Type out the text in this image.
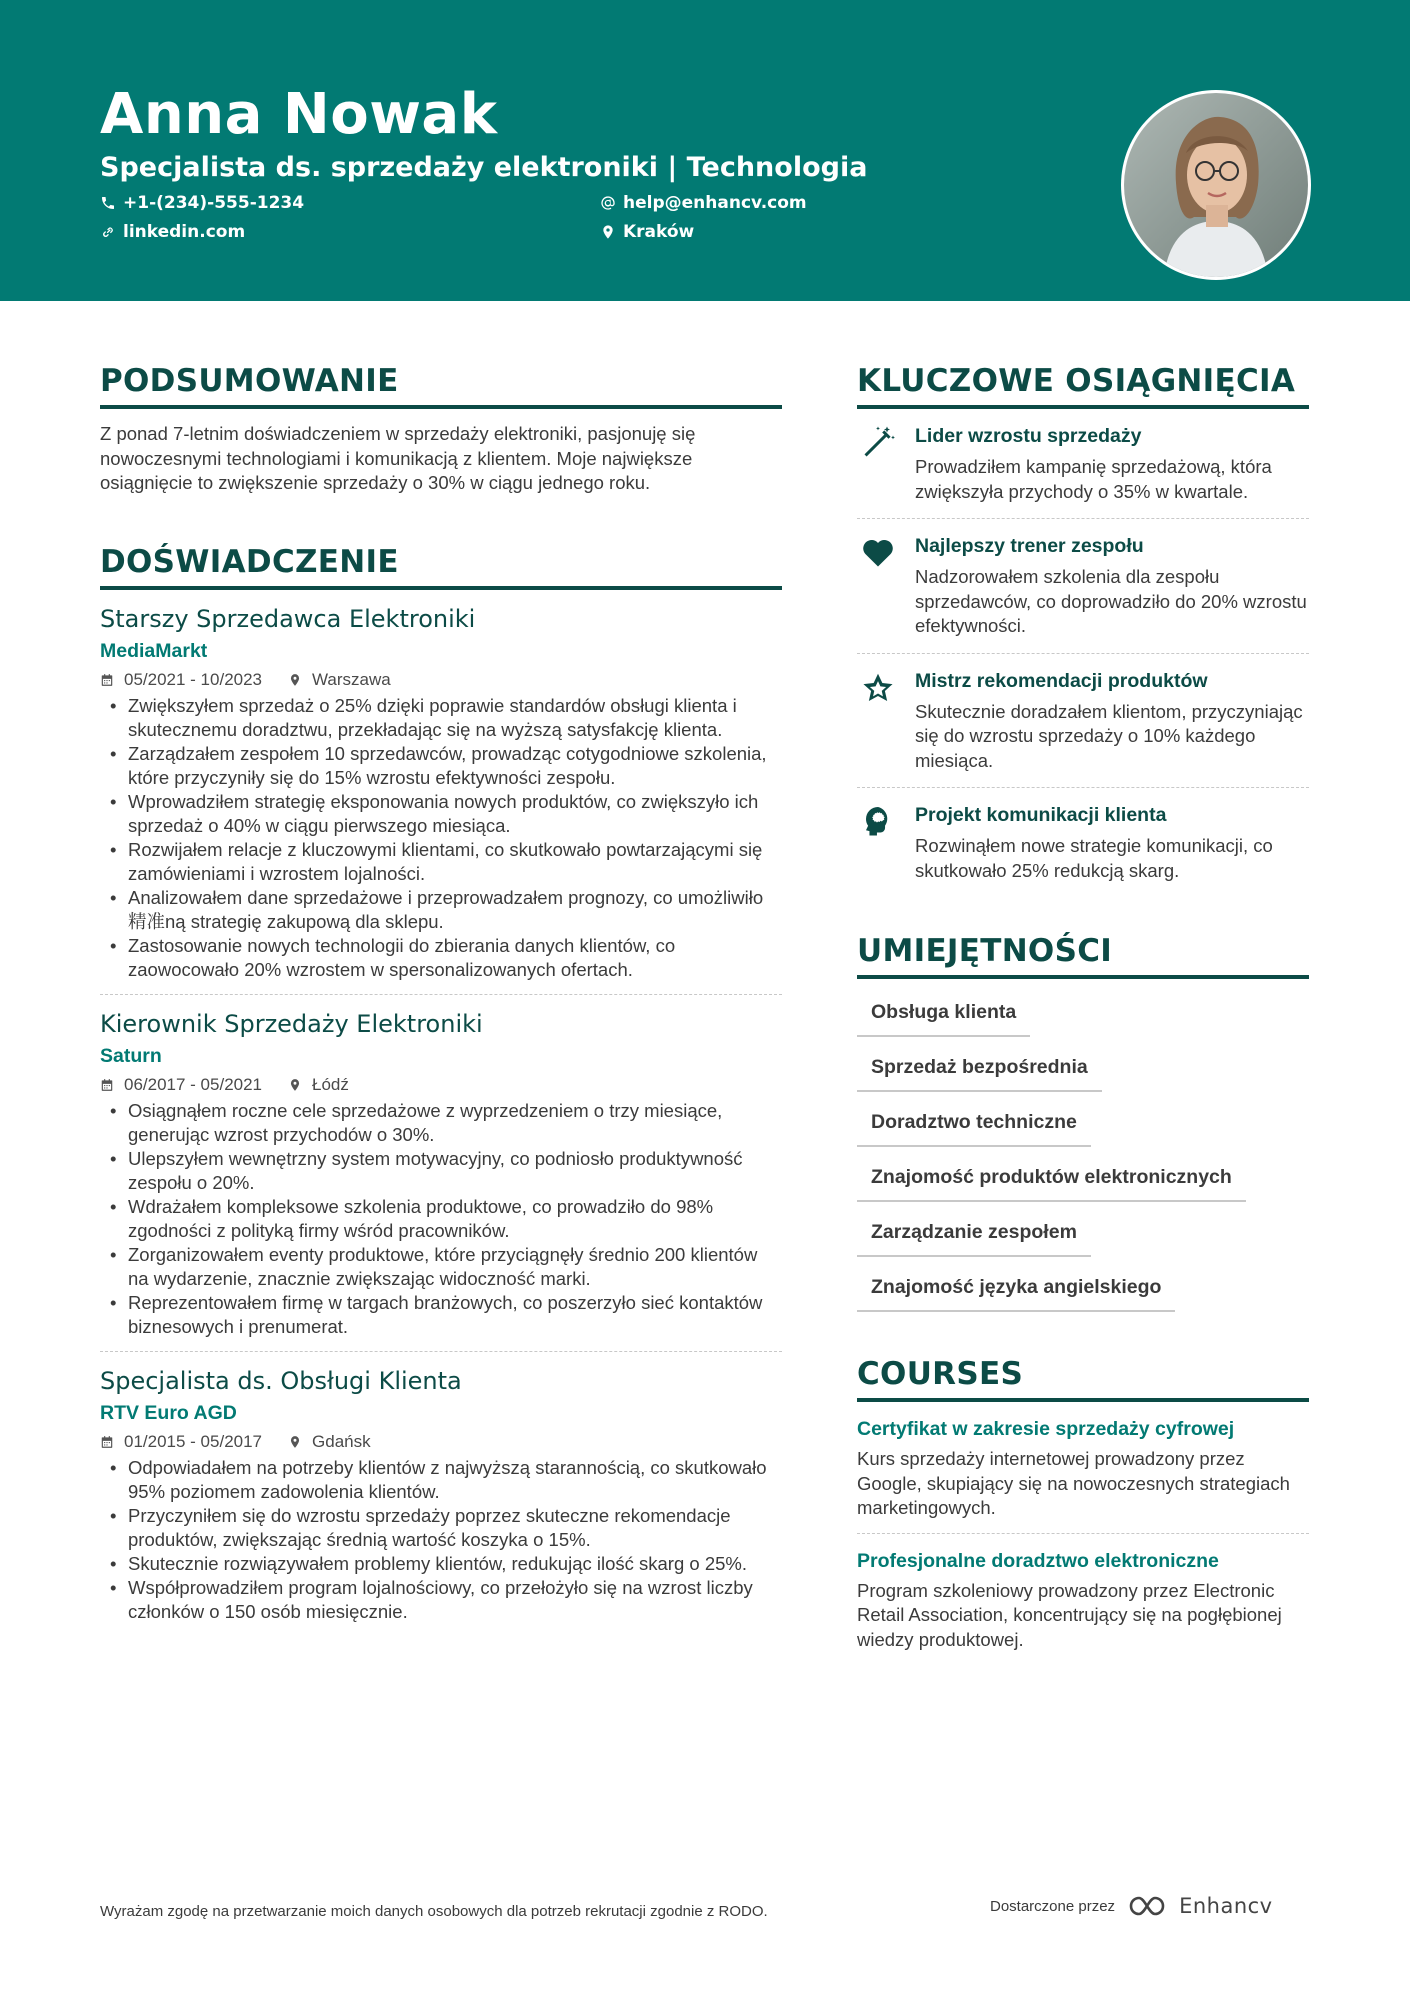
Anna Nowak
Specjalista ds. sprzedaży elektroniki | Technologia
+1-(234)-555-1234
linkedin.com
help@enhancv.com
Kraków
PODSUMOWANIE

Z ponad 7-letnim doświadczeniem w sprzedaży elektroniki, pasjonuję się nowoczesnymi technologiami i komunikacją z klientem. Moje największe osiągnięcie to zwiększenie sprzedaży o 30% w ciągu jednego roku.

DOŚWIADCZENIE
Starszy Sprzedawca Elektroniki
MediaMarkt
05/2021 - 10/2023	Warszawa
• Zwiększyłem sprzedaż o 25% dzięki poprawie standardów obsługi klienta i skutecznemu doradztwu, przekładając się na wyższą satysfakcję klienta.
• Zarządzałem zespołem 10 sprzedawców, prowadząc cotygodniowe szkolenia, które przyczyniły się do 15% wzrostu efektywności zespołu.
• Wprowadziłem strategię eksponowania nowych produktów, co zwiększyło ich sprzedaż o 40% w ciągu pierwszego miesiąca.
• Rozwijałem relacje z kluczowymi klientami, co skutkowało powtarzającymi się zamówieniami i wzrostem lojalności.
• Analizowałem dane sprzedażowe i przeprowadzałem prognozy, co umożliwiło 精准ną strategię zakupową dla sklepu.
• Zastosowanie nowych technologii do zbierania danych klientów, co zaowocowało 20% wzrostem w spersonalizowanych ofertach.
Kierownik Sprzedaży Elektroniki
Saturn
06/2017 - 05/2021	Łódź
• Osiągnąłem roczne cele sprzedażowe z wyprzedzeniem o trzy miesiące, generując wzrost przychodów o 30%.
• Ulepszyłem wewnętrzny system motywacyjny, co podniosło produktywność zespołu o 20%.
• Wdrażałem kompleksowe szkolenia produktowe, co prowadziło do 98% zgodności z polityką firmy wśród pracowników.
• Zorganizowałem eventy produktowe, które przyciągnęły średnio 200 klientów na wydarzenie, znacznie zwiększając widoczność marki.
• Reprezentowałem firmę w targach branżowych, co poszerzyło sieć kontaktów biznesowych i prenumerat.
Specjalista ds. Obsługi Klienta
RTV Euro AGD
01/2015 - 05/2017	Gdańsk
• Odpowiadałem na potrzeby klientów z najwyższą starannością, co skutkowało 95% poziomem zadowolenia klientów.
• Przyczyniłem się do wzrostu sprzedaży poprzez skuteczne rekomendacje produktów, zwiększając średnią wartość koszyka o 15%.
• Skutecznie rozwiązywałem problemy klientów, redukując ilość skarg o 25%.
• Współprowadziłem program lojalnościowy, co przełożyło się na wzrost liczby członków o 150 osób miesięcznie.
KLUCZOWE OSIĄGNIĘCIA
Lider wzrostu sprzedaży
Prowadziłem kampanię sprzedażową, która zwiększyła przychody o 35% w kwartale.
Najlepszy trener zespołu
Nadzorowałem szkolenia dla zespołu sprzedawców, co doprowadziło do 20% wzrostu efektywności.
Mistrz rekomendacji produktów
Skutecznie doradzałem klientom, przyczyniając się do wzrostu sprzedaży o 10% każdego miesiąca.
Projekt komunikacji klienta
Rozwinąłem nowe strategie komunikacji, co skutkowało 25% redukcją skarg.
UMIEJĘTNOŚCI
Obsługa klienta
Sprzedaż bezpośrednia
Doradztwo techniczne
Znajomość produktów elektronicznych
Zarządzanie zespołem
Znajomość języka angielskiego
COURSES
Certyfikat w zakresie sprzedaży cyfrowej
Kurs sprzedaży internetowej prowadzony przez Google, skupiający się na nowoczesnych strategiach marketingowych.
Profesjonalne doradztwo elektroniczne
Program szkoleniowy prowadzony przez Electronic Retail Association, koncentrujący się na pogłębionej wiedzy produktowej.
Wyrażam zgodę na przetwarzanie moich danych osobowych dla potrzeb rekrutacji zgodnie z RODO.	Dostarczone przez	Enhancv
